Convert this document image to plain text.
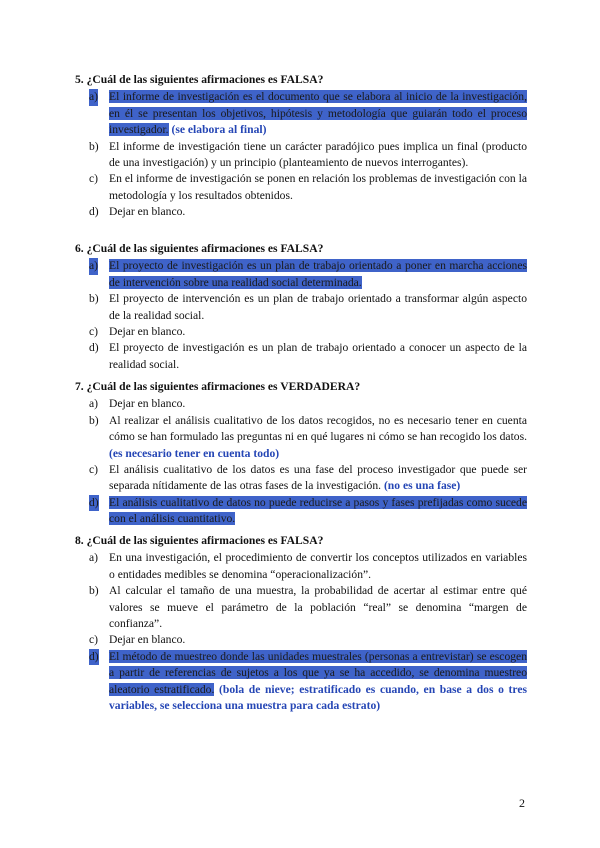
5. ¿Cuál de las siguientes afirmaciones es FALSA?
a) El informe de investigación es el documento que se elabora al inicio de la investigación, en él se presentan los objetivos, hipótesis y metodología que guiarán todo el proceso investigador. (se elabora al final)
b) El informe de investigación tiene un carácter paradójico pues implica un final (producto de una investigación) y un principio (planteamiento de nuevos interrogantes).
c) En el informe de investigación se ponen en relación los problemas de investigación con la metodología y los resultados obtenidos.
d) Dejar en blanco.
6. ¿Cuál de las siguientes afirmaciones es FALSA?
a) El proyecto de investigación es un plan de trabajo orientado a poner en marcha acciones de intervención sobre una realidad social determinada.
b) El proyecto de intervención es un plan de trabajo orientado a transformar algún aspecto de la realidad social.
c) Dejar en blanco.
d) El proyecto de investigación es un plan de trabajo orientado a conocer un aspecto de la realidad social.
7. ¿Cuál de las siguientes afirmaciones es VERDADERA?
a) Dejar en blanco.
b) Al realizar el análisis cualitativo de los datos recogidos, no es necesario tener en cuenta cómo se han formulado las preguntas ni en qué lugares ni cómo se han recogido los datos. (es necesario tener en cuenta todo)
c) El análisis cualitativo de los datos es una fase del proceso investigador que puede ser separada nítidamente de las otras fases de la investigación. (no es una fase)
d) El análisis cualitativo de datos no puede reducirse a pasos y fases prefijadas como sucede con el análisis cuantitativo.
8. ¿Cuál de las siguientes afirmaciones es FALSA?
a) En una investigación, el procedimiento de convertir los conceptos utilizados en variables o entidades medibles se denomina “operacionalización”.
b) Al calcular el tamaño de una muestra, la probabilidad de acertar al estimar entre qué valores se mueve el parámetro de la población “real” se denomina “margen de confianza”.
c) Dejar en blanco.
d) El método de muestreo donde las unidades muestrales (personas a entrevistar) se escogen a partir de referencias de sujetos a los que ya se ha accedido, se denomina muestreo aleatorio estratificado. (bola de nieve; estratificado es cuando, en base a dos o tres variables, se selecciona una muestra para cada estrato)
2
